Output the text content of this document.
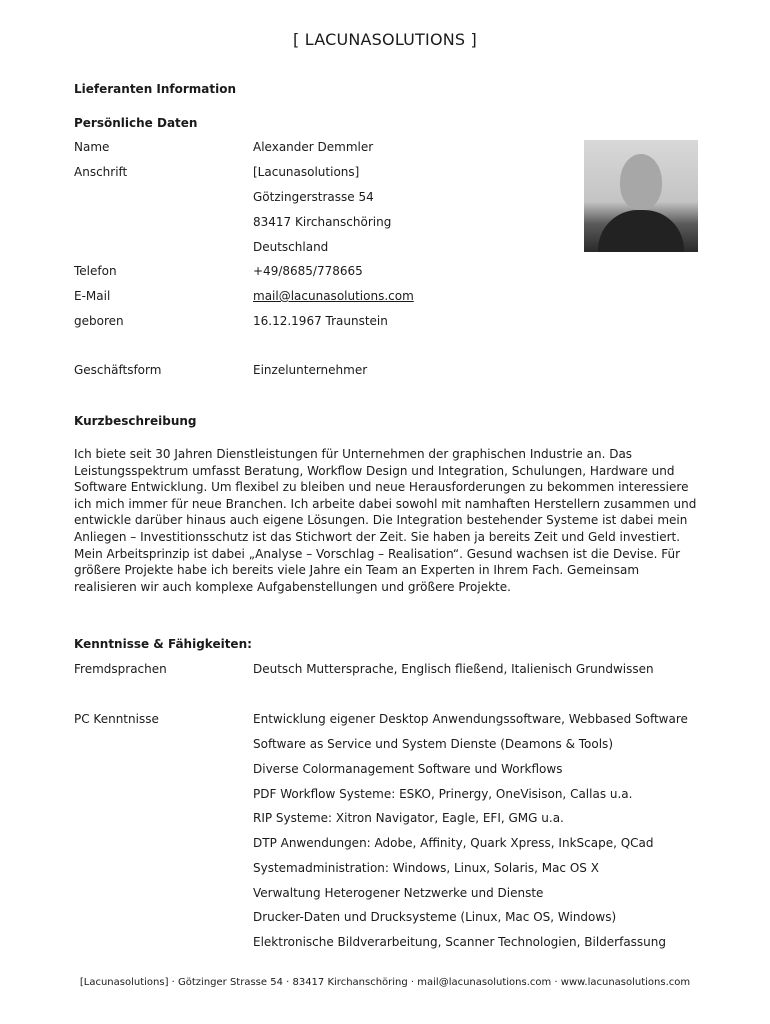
[ LACUNASOLUTIONS ]
Lieferanten Information
Persönliche Daten
Name	Alexander Demmler
Anschrift	[Lacunasolutions]
Götzingerstrasse 54
83417 Kirchanschöring
Deutschland
Telefon	+49/8685/778665
E-Mail	mail@lacunasolutions.com
geboren	16.12.1967 Traunstein
Geschäftsform	Einzelunternehmer
Kurzbeschreibung
Ich biete seit 30 Jahren Dienstleistungen für Unternehmen der graphischen Industrie an. Das Leistungsspektrum umfasst Beratung, Workflow Design und Integration, Schulungen, Hardware und Software Entwicklung. Um flexibel zu bleiben und neue Herausforderungen zu bekommen interessiere ich mich immer für neue Branchen. Ich arbeite dabei sowohl mit namhaften Herstellern zusammen und entwickle darüber hinaus auch eigene Lösungen. Die Integration bestehender Systeme ist dabei mein Anliegen – Investitionsschutz ist das Stichwort der Zeit. Sie haben ja bereits Zeit und Geld investiert. Mein Arbeitsprinzip ist dabei „Analyse – Vorschlag – Realisation“. Gesund wachsen ist die Devise. Für größere Projekte habe ich bereits viele Jahre ein Team an Experten in Ihrem Fach. Gemeinsam realisieren wir auch komplexe Aufgabenstellungen und größere Projekte.
Kenntnisse & Fähigkeiten:
Fremdsprachen	Deutsch Muttersprache, Englisch fließend, Italienisch Grundwissen
PC Kenntnisse	Entwicklung eigener Desktop Anwendungssoftware, Webbased Software
Software as Service und System Dienste (Deamons & Tools)
Diverse Colormanagement Software und Workflows
PDF Workflow Systeme: ESKO, Prinergy, OneVisison, Callas u.a.
RIP Systeme: Xitron Navigator, Eagle, EFI, GMG u.a.
DTP Anwendungen: Adobe, Affinity, Quark Xpress, InkScape, QCad
Systemadministration: Windows, Linux, Solaris, Mac OS X
Verwaltung Heterogener Netzwerke und Dienste
Drucker-Daten und Drucksysteme (Linux, Mac OS, Windows)
Elektronische Bildverarbeitung, Scanner Technologien, Bilderfassung
[Lacunasolutions] · Götzinger Strasse 54 · 83417 Kirchanschöring · mail@lacunasolutions.com · www.lacunasolutions.com
